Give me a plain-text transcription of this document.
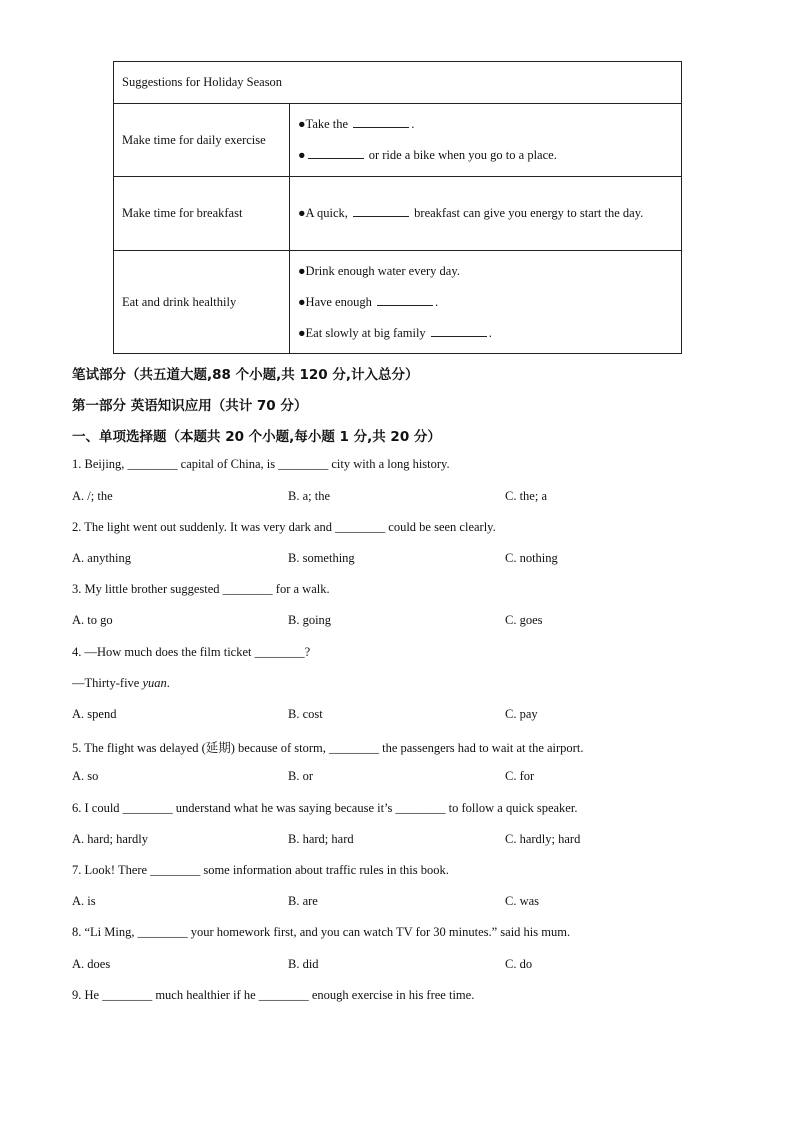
Suggestions for Holiday Season	
Make time for daily exercise	●Take the .
● or ride a bike when you go to a place.

Make time for breakfast	●A quick, breakfast can give you energy to start the day.

Eat and drink healthily	●Drink enough water every day.
●Have enough .
●Eat slowly at big family .
笔试部分（共五道大题,88 个小题,共 120 分,计入总分）
第一部分 英语知识应用（共计 70 分）
一、单项选择题（本题共 20 个小题,每小题 1 分,共 20 分）
1. Beijing, ________ capital of China, is ________ city with a long history.
A. /; the	B. a; the	C. the; a
2. The light went out suddenly. It was very dark and ________ could be seen clearly.
A. anything	B. something	C. nothing
3. My little brother suggested ________ for a walk.
A. to go	B. going	C. goes
4. —How much does the film ticket ________?
—Thirty-five yuan.
A. spend	B. cost	C. pay
5. The flight was delayed (延期) because of storm, ________ the passengers had to wait at the airport.
A. so	B. or	C. for
6. I could ________ understand what he was saying because it’s ________ to follow a quick speaker.
A. hard; hardly	B. hard; hard	C. hardly; hard
7. Look! There ________ some information about traffic rules in this book.
A. is	B. are	C. was
8. “Li Ming, ________ your homework first, and you can watch TV for 30 minutes.” said his mum.
A. does	B. did	C. do
9. He ________ much healthier if he ________ enough exercise in his free time.
